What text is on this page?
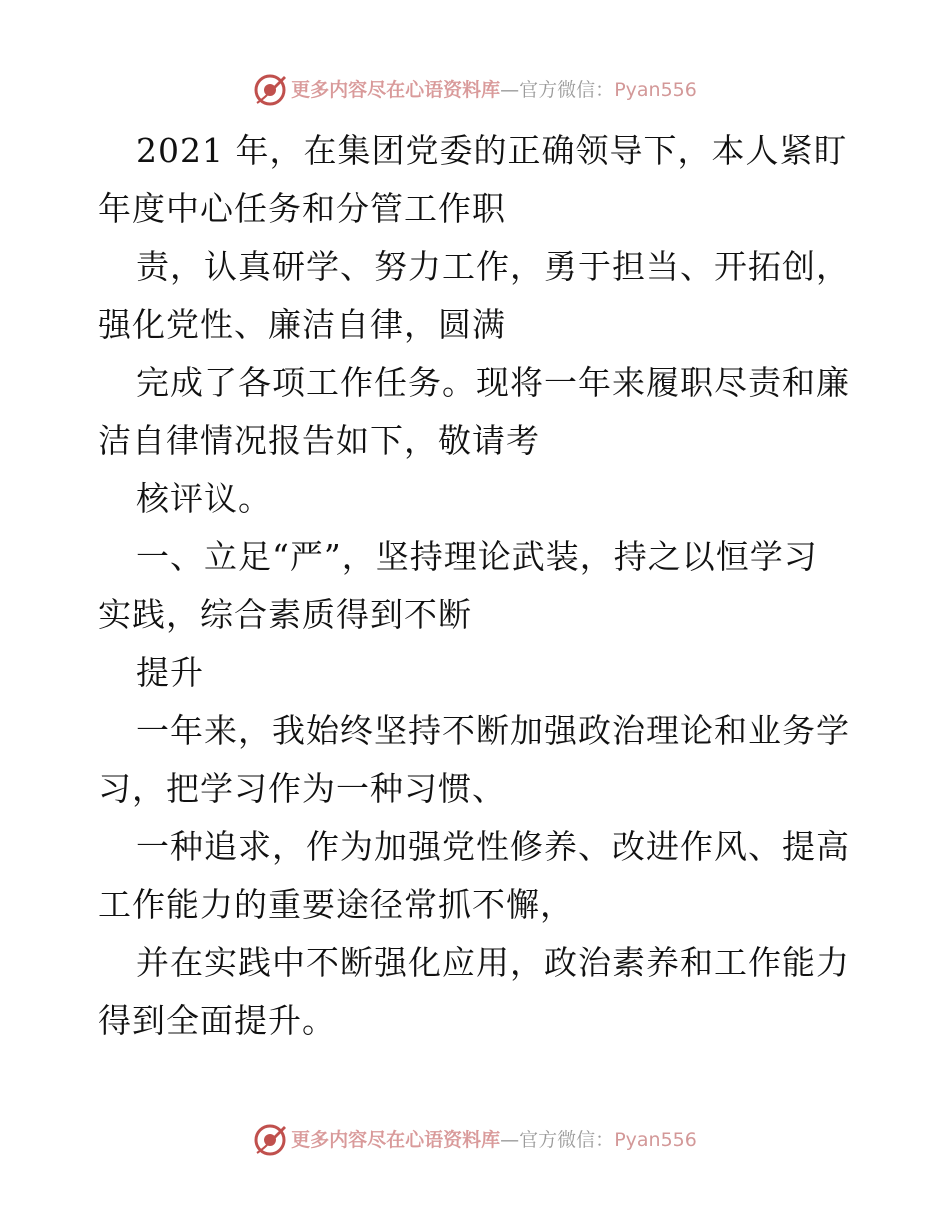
更多内容尽在心语资料库—官方微信：Pyan556
2021 年，在集团党委的正确领导下，本人紧盯
年度中心任务和分管工作职
责，认真研学、努力工作，勇于担当、开拓创，
强化党性、廉洁自律，圆满
完成了各项工作任务。现将一年来履职尽责和廉
洁自律情况报告如下，敬请考
核评议。
一、立足“严”，坚持理论武装，持之以恒学习
实践，综合素质得到不断
提升
一年来，我始终坚持不断加强政治理论和业务学
习，把学习作为一种习惯、
一种追求，作为加强党性修养、改进作风、提高
工作能力的重要途径常抓不懈，
并在实践中不断强化应用，政治素养和工作能力
得到全面提升。
更多内容尽在心语资料库—官方微信：Pyan556
